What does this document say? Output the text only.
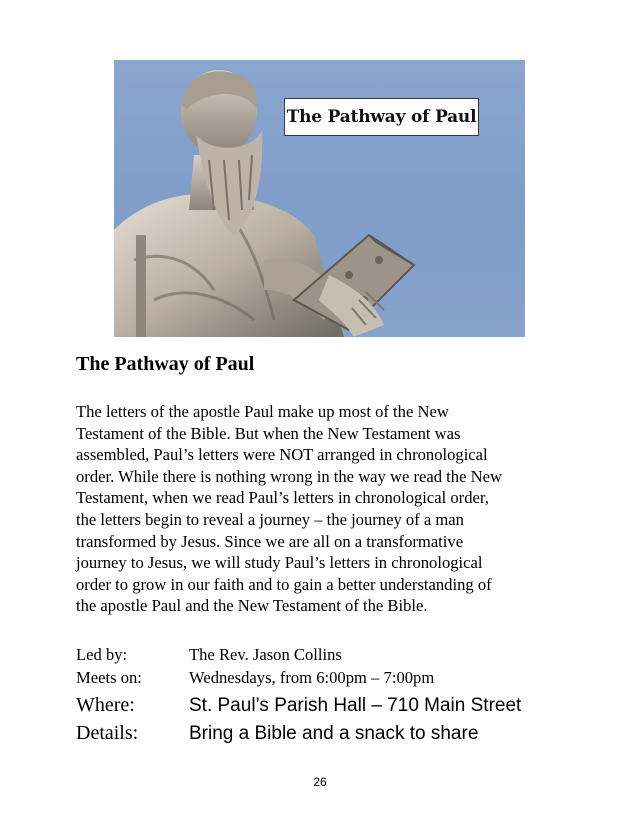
The Pathway of Paul
The Pathway of Paul
The letters of the apostle Paul make up most of the New
Testament of the Bible. But when the New Testament was
assembled, Paul’s letters were NOT arranged in chronological
order. While there is nothing wrong in the way we read the New
Testament, when we read Paul’s letters in chronological order,
the letters begin to reveal a journey – the journey of a man
transformed by Jesus. Since we are all on a transformative
journey to Jesus, we will study Paul’s letters in chronological
order to grow in our faith and to gain a better understanding of
the apostle Paul and the New Testament of the Bible.
Led by:	The Rev. Jason Collins
Meets on:	Wednesdays, from 6:00pm – 7:00pm
Where:	St. Paul’s Parish Hall – 710 Main Street
Details:	Bring a Bible and a snack to share
26
